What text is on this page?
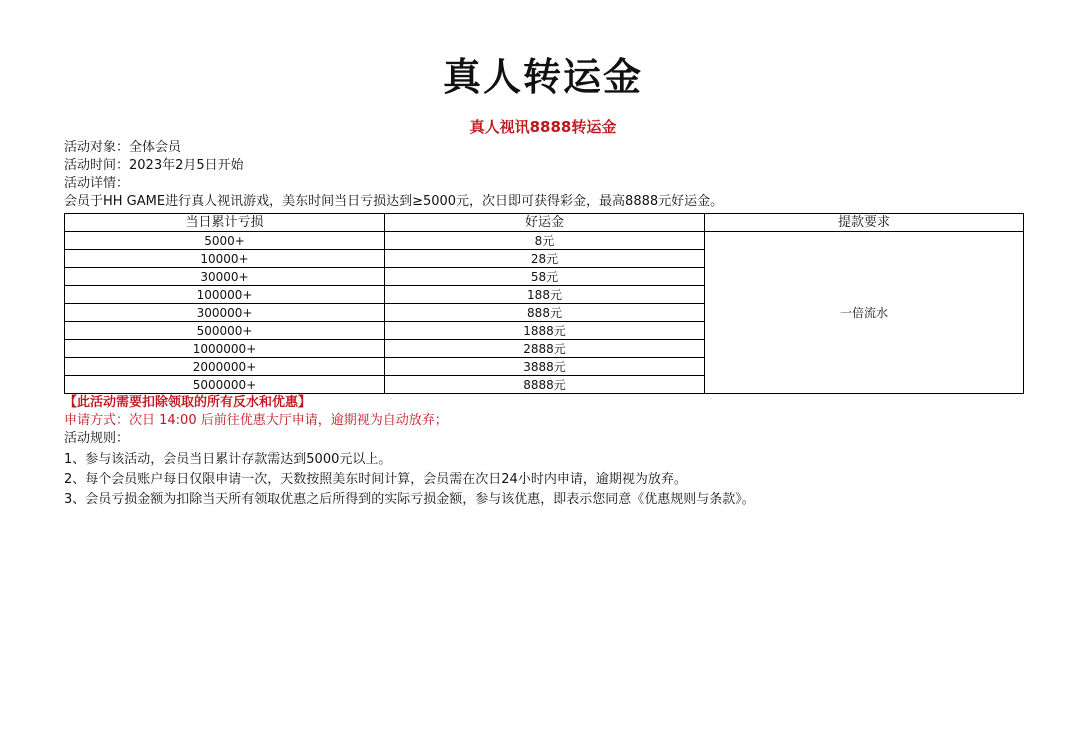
真人转运金
真人视讯8888转运金
活动对象：全体会员
活动时间：2023年2月5日开始
活动详情：
会员于HH GAME进行真人视讯游戏，美东时间当日亏损达到≥5000元，次日即可获得彩金，最高8888元好运金。
当日累计亏损	好运金	提款要求
5000+	8元	一倍流水
10000+	28元	
30000+	58元	
100000+	188元	
300000+	888元	
500000+	1888元	
1000000+	2888元	
2000000+	3888元	
5000000+	8888元	
【此活动需要扣除领取的所有反水和优惠】
申请方式：次日 14:00 后前往优惠大厅申请，逾期视为自动放弃；
活动规则：
1、参与该活动，会员当日累计存款需达到5000元以上。
2、每个会员账户每日仅限申请一次，天数按照美东时间计算，会员需在次日24小时内申请，逾期视为放弃。
3、会员亏损金额为扣除当天所有领取优惠之后所得到的实际亏损金额，参与该优惠，即表示您同意《优惠规则与条款》。
